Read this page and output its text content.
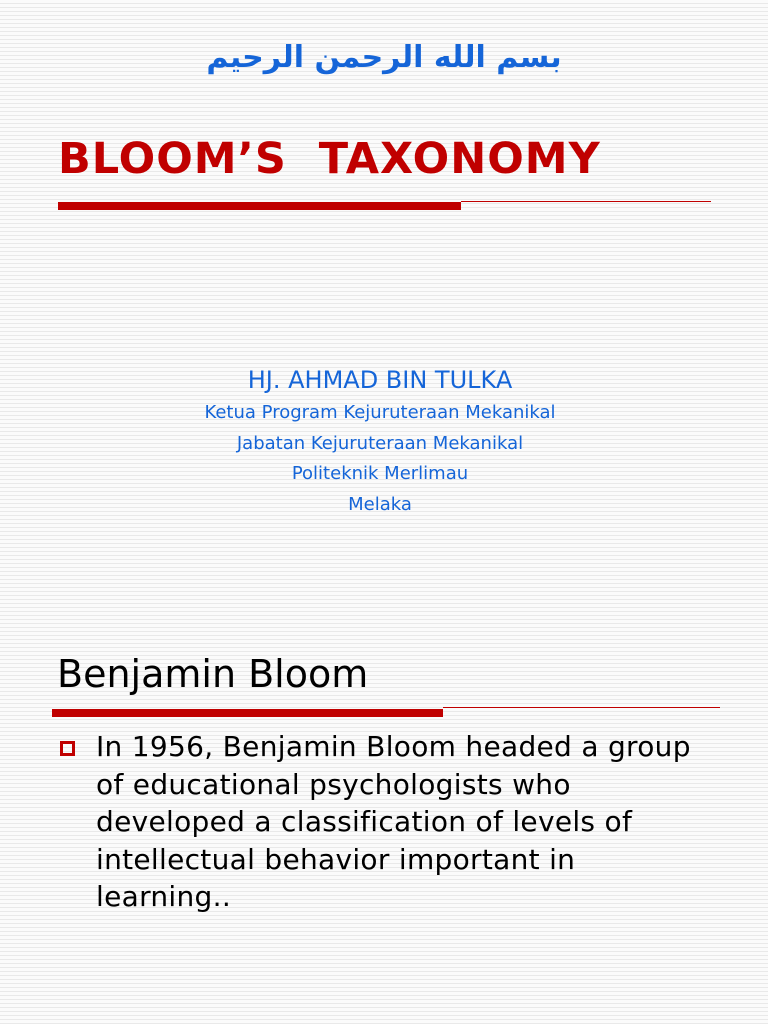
بسم الله الرحمن الرحيم
BLOOM’S  TAXONOMY
HJ. AHMAD BIN TULKA
Ketua Program Kejuruteraan Mekanikal
Jabatan Kejuruteraan Mekanikal
Politeknik Merlimau
Melaka
Benjamin Bloom
In 1956, Benjamin Bloom headed a group of educational psychologists who developed a classification of levels of intellectual behavior important in learning..
